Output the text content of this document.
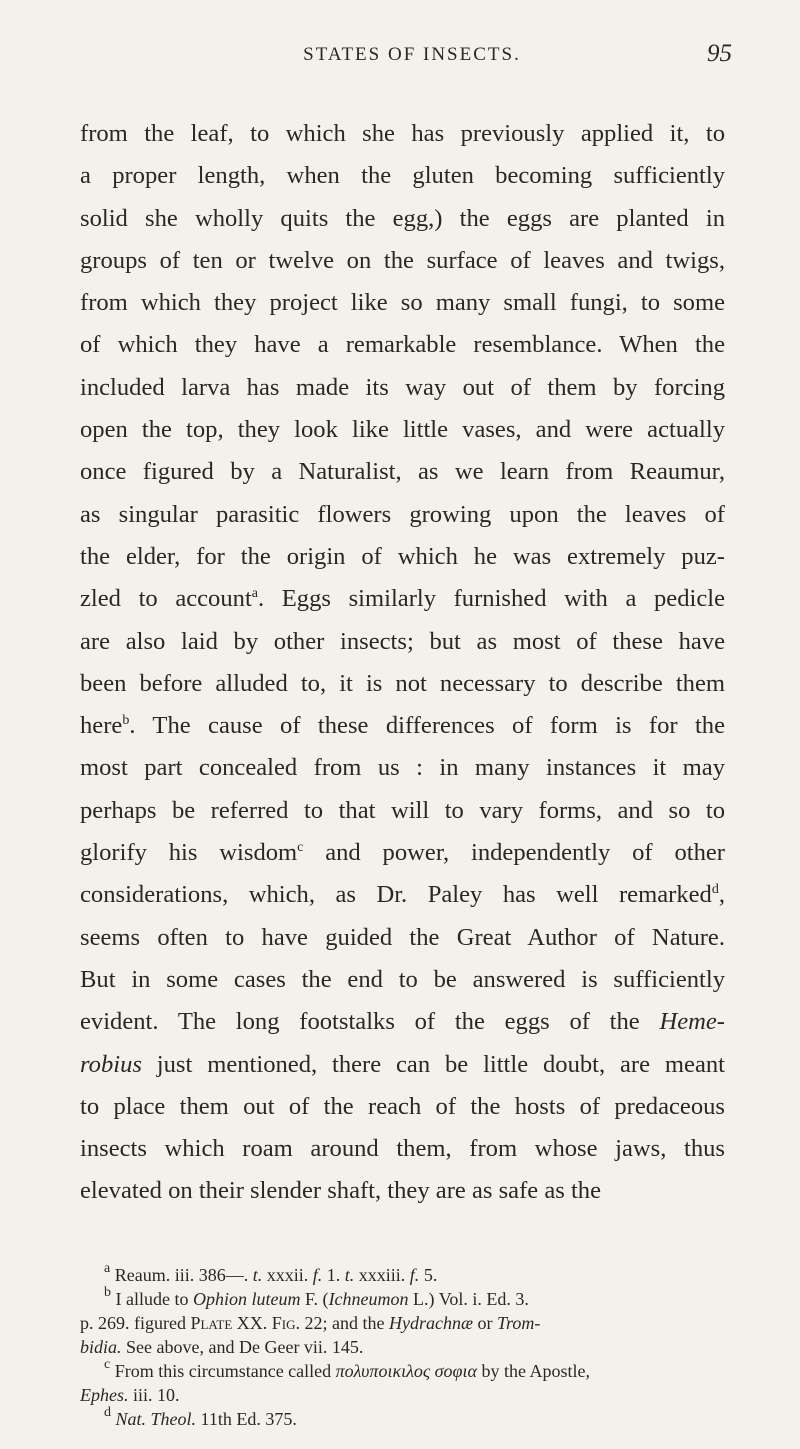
STATES OF INSECTS.	95
from the leaf, to which she has previously applied it, to
a proper length, when the gluten becoming sufficiently
solid she wholly quits the egg,) the eggs are planted in
groups of ten or twelve on the surface of leaves and twigs,
from which they project like so many small fungi, to some
of which they have a remarkable resemblance. When the
included larva has made its way out of them by forcing
open the top, they look like little vases, and were actually
once figured by a Naturalist, as we learn from Reaumur,
as singular parasitic flowers growing upon the leaves of
the elder, for the origin of which he was extremely puz-
zled to account$^a$. Eggs similarly furnished with a pedicle
are also laid by other insects; but as most of these have
been before alluded to, it is not necessary to describe them
here$^b$. The cause of these differences of form is for the
most part concealed from us : in many instances it may
perhaps be referred to that will to vary forms, and so to
glorify his wisdom$^c$ and power, independently of other
considerations, which, as Dr. Paley has well remarked$^d$,
seems often to have guided the Great Author of Nature.
But in some cases the end to be answered is sufficiently
evident. The long footstalks of the eggs of the Heme-
robius just mentioned, there can be little doubt, are meant
to place them out of the reach of the hosts of predaceous
insects which roam around them, from whose jaws, thus
elevated on their slender shaft, they are as safe as the
$^a$ Reaum. iii. 386—. t. xxxii. f. 1. t. xxxiii. f. 5.
$^b$ I allude to Ophion luteum F. (Ichneumon L.) Vol. i. Ed. 3.
p. 269. figured Plate XX. Fig. 22; and the Hydrachnæ or Trom-
bidia. See above, and De Geer vii. 145.
$^c$ From this circumstance called πολυποικιλος σοφια by the Apostle,
Ephes. iii. 10.
$^d$ Nat. Theol. 11th Ed. 375.
